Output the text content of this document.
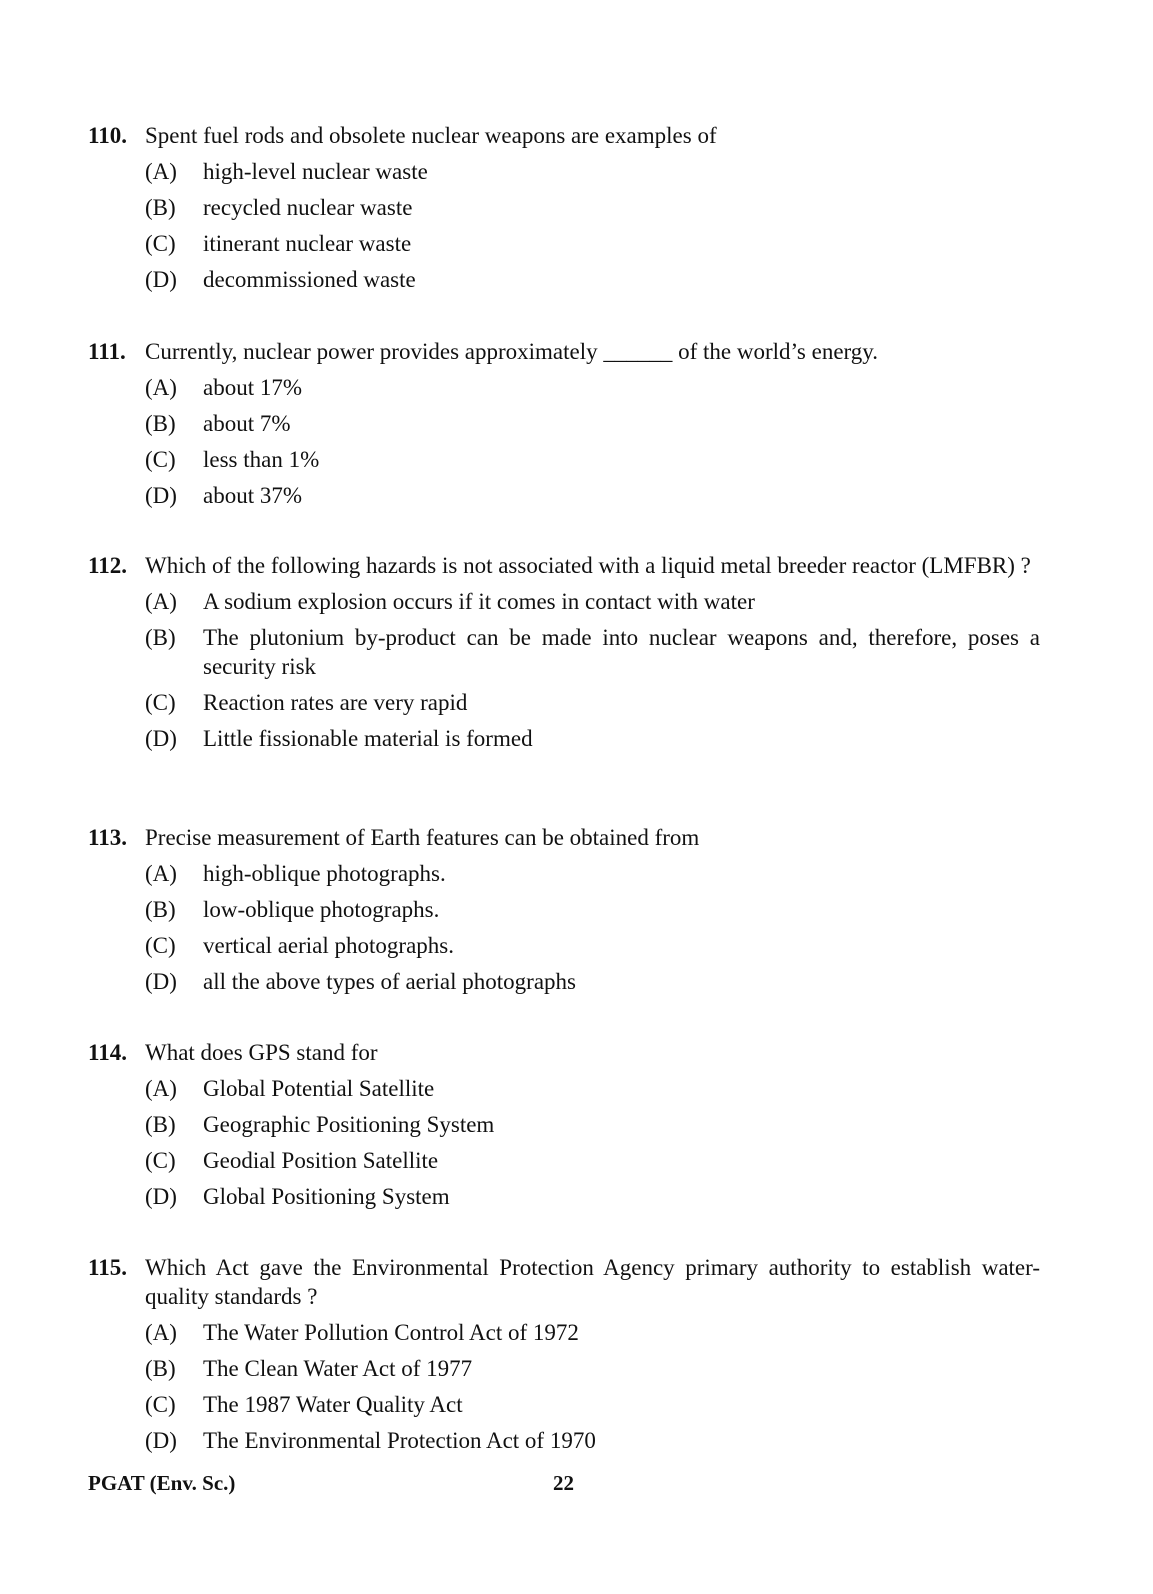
110. Spent fuel rods and obsolete nuclear weapons are examples of
(A) high-level nuclear waste
(B) recycled nuclear waste
(C) itinerant nuclear waste
(D) decommissioned waste
111. Currently, nuclear power provides approximately ______ of the world’s energy.
(A) about 17%
(B) about 7%
(C) less than 1%
(D) about 37%
112. Which of the following hazards is not associated with a liquid metal breeder reactor (LMFBR) ?
(A) A sodium explosion occurs if it comes in contact with water
(B) The plutonium by-product can be made into nuclear weapons and, therefore, poses a security risk
(C) Reaction rates are very rapid
(D) Little fissionable material is formed
113. Precise measurement of Earth features can be obtained from
(A) high-oblique photographs.
(B) low-oblique photographs.
(C) vertical aerial photographs.
(D) all the above types of aerial photographs
114. What does GPS stand for
(A) Global Potential Satellite
(B) Geographic Positioning System
(C) Geodial Position Satellite
(D) Global Positioning System
115. Which Act gave the Environmental Protection Agency primary authority to establish water-quality standards ?
(A) The Water Pollution Control Act of 1972
(B) The Clean Water Act of 1977
(C) The 1987 Water Quality Act
(D) The Environmental Protection Act of 1970
PGAT (Env. Sc.)	22
